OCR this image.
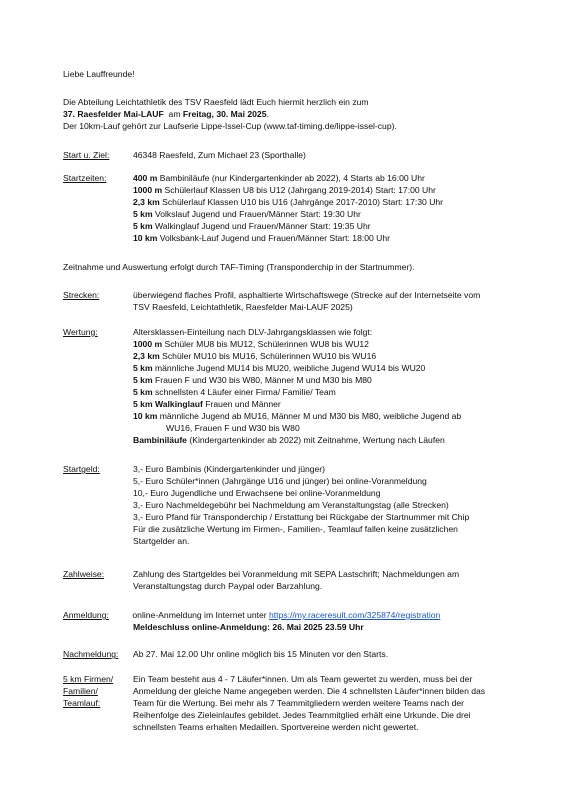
Liebe Lauffreunde!
Die Abteilung Leichtathletik des TSV Raesfeld lädt Euch hiermit herzlich ein zum
37. Raesfelder Mai-LAUF  am Freitag, 30. Mai 2025.
Der 10km-Lauf gehört zur Laufserie Lippe-Issel-Cup (www.taf-timing.de/lippe-issel-cup).
Start u. Ziel:	46348 Raesfeld, Zum Michael 23 (Sporthalle)
Startzeiten:	400 m Bambiniläufe (nur Kindergartenkinder ab 2022), 4 Starts ab 16:00 Uhr
1000 m Schülerlauf Klassen U8 bis U12 (Jahrgang 2019-2014) Start: 17:00 Uhr
2,3 km Schülerlauf Klassen U10 bis U16 (Jahrgänge 2017-2010) Start: 17:30 Uhr
5 km Volkslauf Jugend und Frauen/Männer Start: 19:30 Uhr
5 km Walkinglauf Jugend und Frauen/Männer Start: 19:35 Uhr
10 km Volksbank-Lauf Jugend und Frauen/Männer Start: 18:00 Uhr
Zeitnahme und Auswertung erfolgt durch TAF-Timing (Transponderchip in der Startnummer).
Strecken:	überwiegend flaches Profil, asphaltierte Wirtschaftswege (Strecke auf der Internetseite vom
TSV Raesfeld, Leichtathletik, Raesfelder Mai-LAUF 2025)
Wertung:	Altersklassen-Einteilung nach DLV-Jahrgangsklassen wie folgt:
1000 m Schüler MU8 bis MU12, Schülerinnen WU8 bis WU12
2,3 km Schüler MU10 bis MU16, Schülerinnen WU10 bis WU16
5 km männliche Jugend MU14 bis MU20, weibliche Jugend WU14 bis WU20
5 km Frauen F und W30 bis W80, Männer M und M30 bis M80
5 km schnellsten 4 Läufer einer Firma/ Familie/ Team
5 km Walkinglauf Frauen und Männer
10 km männliche Jugend ab MU16, Männer M und M30 bis M80, weibliche Jugend ab
WU16, Frauen F und W30 bis W80
Bambiniläufe (Kindergartenkinder ab 2022) mit Zeitnahme, Wertung nach Läufen
Startgeld:	3,- Euro Bambinis (Kindergartenkinder und jünger)
5,- Euro Schüler*innen (Jahrgänge U16 und jünger) bei online-Voranmeldung
10,- Euro Jugendliche und Erwachsene bei online-Voranmeldung
3,- Euro Nachmeldegebühr bei Nachmeldung am Veranstaltungstag (alle Strecken)
3,- Euro Pfand für Transponderchip / Erstattung bei Rückgabe der Startnummer mit Chip
Für die zusätzliche Wertung im Firmen-, Familien-, Teamlauf fallen keine zusätzlichen
Startgelder an.
Zahlweise:	Zahlung des Startgeldes bei Voranmeldung mit SEPA Lastschrift; Nachmeldungen am
Veranstaltungstag durch Paypal oder Barzahlung.
Anmeldung: online-Anmeldung im Internet unter https://my.raceresult.com/325874/registration
Meldeschluss online-Anmeldung: 26. Mai 2025 23.59 Uhr
Nachmeldung: Ab 27. Mai 12.00 Uhr online möglich bis 15 Minuten vor den Starts.
5 km Firmen/
Familien/
Teamlauf:
Ein Team besteht aus 4 - 7 Läufer*innen. Um als Team gewertet zu werden, muss bei der
Anmeldung der gleiche Name angegeben werden. Die 4 schnellsten Läufer*innen bilden das
Team für die Wertung. Bei mehr als 7 Teammitgliedern werden weitere Teams nach der
Reihenfolge des Zieleinlaufes gebildet. Jedes Teammitglied erhält eine Urkunde. Die drei
schnellsten Teams erhalten Medaillen. Sportvereine werden nicht gewertet.
